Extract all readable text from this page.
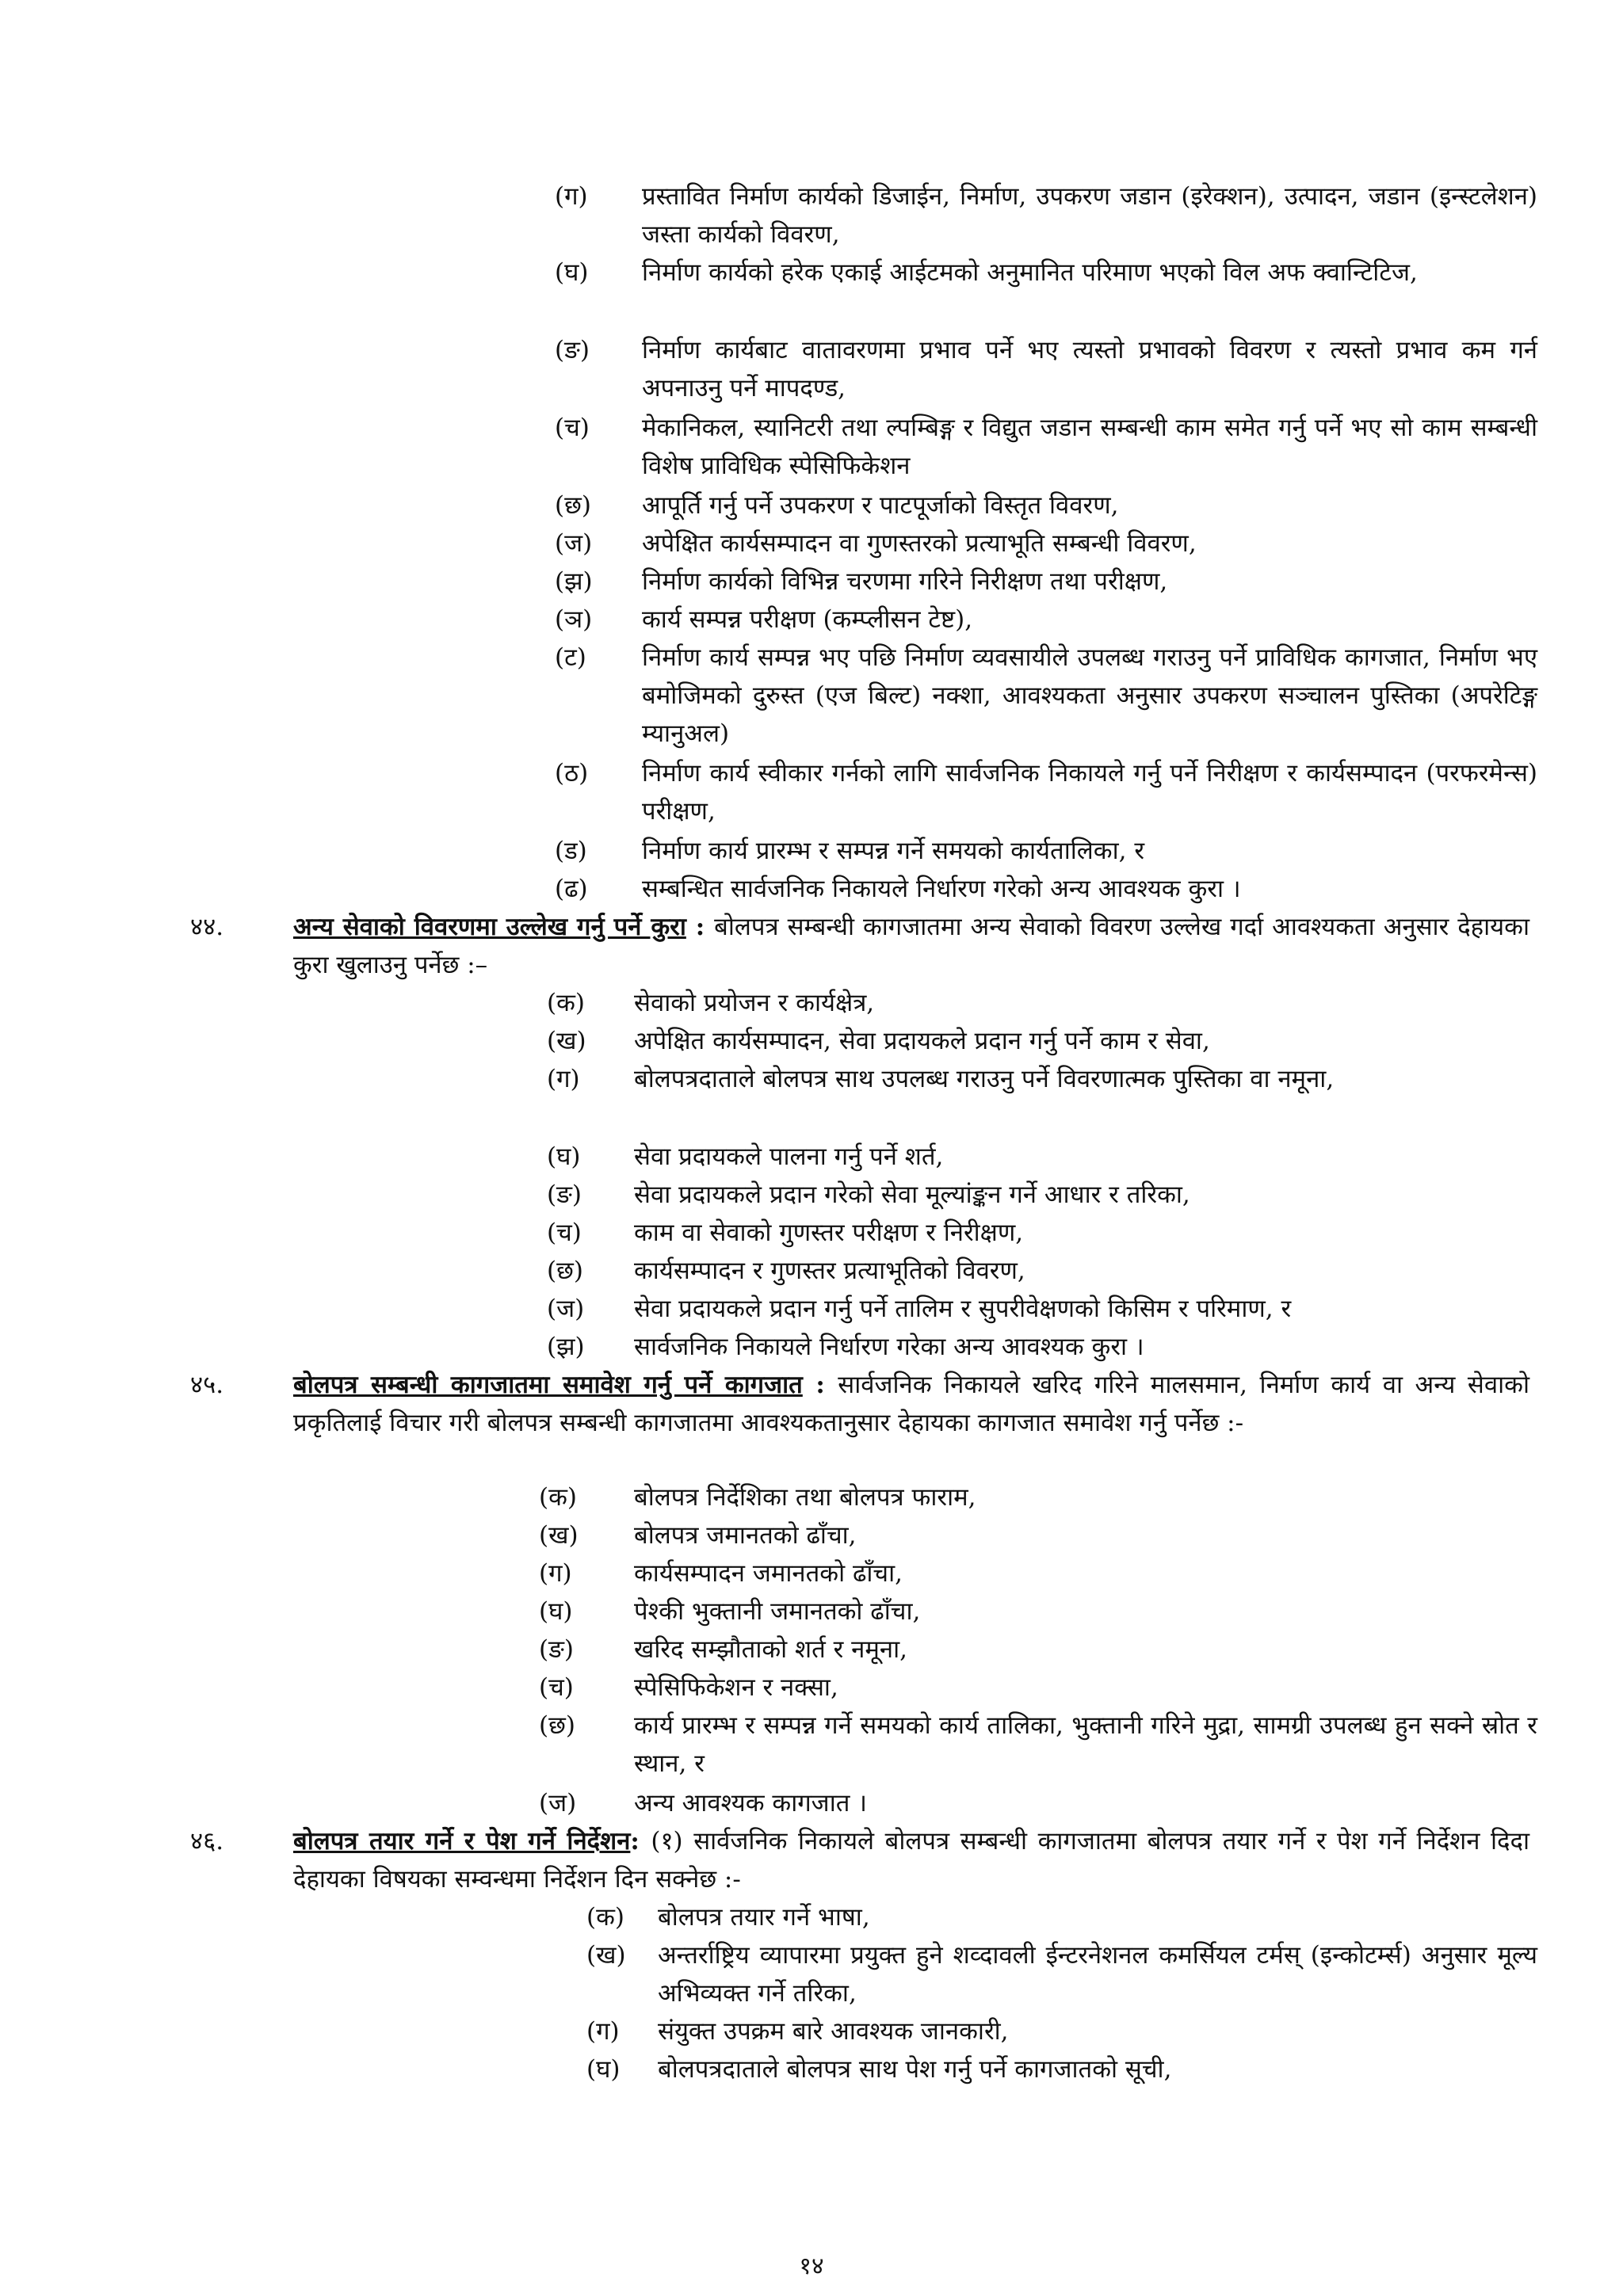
(ग)	प्रस्तावित निर्माण कार्यको डिजाईन, निर्माण, उपकरण जडान (इरेक्शन), उत्पादन, जडान (इन्स्टलेशन) जस्ता कार्यको विवरण,
(घ)	निर्माण कार्यको हरेक एकाई आईटमको अनुमानित परिमाण भएको विल अफ क्वान्टिटिज,
(ङ)	निर्माण कार्यबाट वातावरणमा प्रभाव पर्ने भए त्यस्तो प्रभावको विवरण र त्यस्तो प्रभाव कम गर्न अपनाउनु पर्ने मापदण्ड,
(च)	मेकानिकल, स्यानिटरी तथा ल्पम्बिङ्ग र विद्युत जडान सम्बन्धी काम समेत गर्नु पर्ने भए सो काम सम्बन्धी विशेष प्राविधिक स्पेसिफिकेशन
(छ)	आपूर्ति गर्नु पर्ने उपकरण र पाटपूर्जाको विस्तृत विवरण,
(ज)	अपेक्षित कार्यसम्पादन वा गुणस्तरको प्रत्याभूति सम्बन्धी विवरण,
(झ)	निर्माण कार्यको विभिन्न चरणमा गरिने निरीक्षण तथा परीक्षण,
(ञ)	कार्य सम्पन्न परीक्षण (कम्प्लीसन टेष्ट),
(ट)	निर्माण कार्य सम्पन्न भए पछि निर्माण व्यवसायीले उपलब्ध गराउनु पर्ने प्राविधिक कागजात, निर्माण भए बमोजिमको दुरुस्त (एज बिल्ट) नक्शा, आवश्यकता अनुसार उपकरण सञ्चालन पुस्तिका (अपरेटिङ्ग म्यानुअल)
(ठ)	निर्माण कार्य स्वीकार गर्नको लागि सार्वजनिक निकायले गर्नु पर्ने निरीक्षण र कार्यसम्पादन (परफरमेन्स) परीक्षण,
(ड)	निर्माण कार्य प्रारम्भ र सम्पन्न गर्ने समयको कार्यतालिका, र
(ढ)	सम्बन्धित सार्वजनिक निकायले निर्धारण गरेको अन्य आवश्यक कुरा ।
४४.	अन्य सेवाको विवरणमा उल्लेख गर्नु पर्ने कुरा : बोलपत्र सम्बन्धी कागजातमा अन्य सेवाको विवरण उल्लेख गर्दा आवश्यकता अनुसार देहायका कुरा खुलाउनु पर्नेछ :–
(क)	सेवाको प्रयोजन र कार्यक्षेत्र,
(ख)	अपेक्षित कार्यसम्पादन, सेवा प्रदायकले प्रदान गर्नु पर्ने काम र सेवा,
(ग)	बोलपत्रदाताले बोलपत्र साथ उपलब्ध गराउनु पर्ने विवरणात्मक पुस्तिका वा नमूना,
(घ)	सेवा प्रदायकले पालना गर्नु पर्ने शर्त,
(ङ)	सेवा प्रदायकले प्रदान गरेको सेवा मूल्यांङ्कन गर्ने आधार र तरिका,
(च)	काम वा सेवाको गुणस्तर परीक्षण र निरीक्षण,
(छ)	कार्यसम्पादन र गुणस्तर प्रत्याभूतिको विवरण,
(ज)	सेवा प्रदायकले प्रदान गर्नु पर्ने तालिम र सुपरीवेक्षणको किसिम र परिमाण, र
(झ)	सार्वजनिक निकायले निर्धारण गरेका अन्य आवश्यक कुरा ।
४५.	बोलपत्र सम्बन्धी कागजातमा समावेश गर्नु पर्ने कागजात : सार्वजनिक निकायले खरिद गरिने मालसमान, निर्माण कार्य वा अन्य सेवाको प्रकृतिलाई विचार गरी बोलपत्र सम्बन्धी कागजातमा आवश्यकतानुसार देहायका कागजात समावेश गर्नु पर्नेछ :-
(क)	बोलपत्र निर्देशिका तथा बोलपत्र फाराम,
(ख)	बोलपत्र जमानतको ढाँचा,
(ग)	कार्यसम्पादन जमानतको ढाँचा,
(घ)	पेश्की भुक्तानी जमानतको ढाँचा,
(ङ)	खरिद सम्झौताको शर्त र नमूना,
(च)	स्पेसिफिकेशन र नक्सा,
(छ)	कार्य प्रारम्भ र सम्पन्न गर्ने समयको कार्य तालिका, भुक्तानी गरिने मुद्रा, सामग्री उपलब्ध हुन सक्ने स्रोत र स्थान, र
(ज)	अन्य आवश्यक कागजात ।
४६.	बोलपत्र तयार गर्ने र पेश गर्ने निर्देशन: (१) सार्वजनिक निकायले बोलपत्र सम्बन्धी कागजातमा बोलपत्र तयार गर्ने र पेश गर्ने निर्देशन दिदा देहायका विषयका सम्वन्धमा निर्देशन दिन सक्नेछ :-
(क)	बोलपत्र तयार गर्ने भाषा,
(ख)	अन्तर्राष्ट्रिय व्यापारमा प्रयुक्त हुने शव्दावली ईन्टरनेशनल कमर्सियल टर्मस् (इन्कोटर्म्स) अनुसार मूल्य अभिव्यक्त गर्ने तरिका,
(ग)	संयुक्त उपक्रम बारे आवश्यक जानकारी,
(घ)	बोलपत्रदाताले बोलपत्र साथ पेश गर्नु पर्ने कागजातको सूची,
१४
